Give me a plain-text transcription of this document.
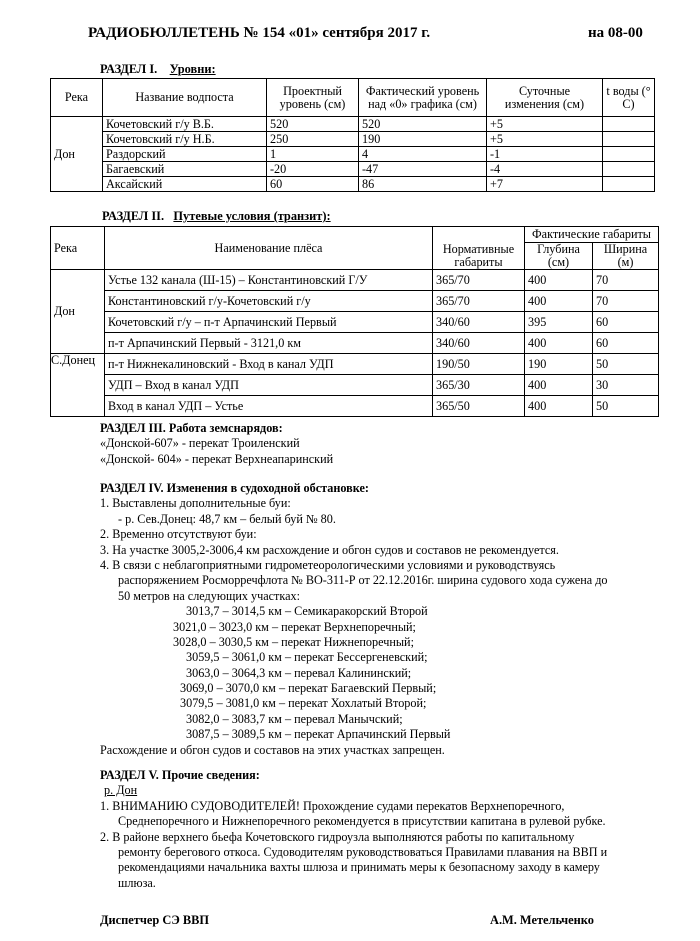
РАДИОБЮЛЛЕТЕНЬ № 154 «01» сентября 2017 г.	на 08-00
РАЗДЕЛ I. Уровни:
Река	Название водпоста	Проектный уровень (см)	Фактический уровень над «0» графика (см)	Суточные изменения (см)	t воды (° С)
Дон	Кочетовский г/у В.Б.	520	520	+5	
	Кочетовский г/у Н.Б.	250	190	+5	
	Раздорский	1	4	-1	
	Багаевский	-20	-47	-4	
	Аксайский	60	86	+7	
РАЗДЕЛ II. Путевые условия (транзит):
Река	Наименование плёса	Нормативные габариты	Фактические габариты	
			Глубина (см)	Ширина (м)
Дон	Устье 132 канала (Ш-15) – Константиновский Г/У	365/70	400	70
	Константиновский г/у-Кочетовский г/у	365/70	400	70
	Кочетовский г/у – п-т Арпачинский Первый	340/60	395	60
	п-т Арпачинский Первый - 3121,0 км	340/60	400	60
С.Донец	п-т Нижнекалиновский - Вход в канал УДП	190/50	190	50
	УДП – Вход в канал УДП	365/30	400	30
	Вход в канал УДП – Устье	365/50	400	50
РАЗДЕЛ III. Работа земснарядов:
«Донской-607» - перекат Троиленский
«Донской- 604» - перекат Верхнеапаринский
РАЗДЕЛ IV. Изменения в судоходной обстановке:
1. Выставлены дополнительные буи:
- р. Сев.Донец: 48,7 км – белый буй № 80.
2. Временно отсутствуют буи:
3. На участке 3005,2-3006,4 км расхождение и обгон судов и составов не рекомендуется.
4. В связи с неблагоприятными гидрометеорологическими условиями и руководствуясь
распоряжением Росморречфлота № ВО-311-Р от 22.12.2016г. ширина судового хода сужена до
50 метров на следующих участках:
3013,7 – 3014,5 км – Семикаракорский Второй
3021,0 – 3023,0 км – перекат Верхнепоречный;
3028,0 – 3030,5 км – перекат Нижнепоречный;
3059,5 – 3061,0 км – перекат Бессергеневский;
3063,0 – 3064,3 км – перевал Калининский;
3069,0 – 3070,0 км – перекат Багаевский Первый;
3079,5 – 3081,0 км – перекат Хохлатый Второй;
3082,0 – 3083,7 км – перевал Манычский;
3087,5 – 3089,5 км – перекат Арпачинский Первый
Расхождение и обгон судов и составов на этих участках запрещен.
РАЗДЕЛ V. Прочие сведения:
р. Дон
1. ВНИМАНИЮ СУДОВОДИТЕЛЕЙ! Прохождение судами перекатов Верхнепоречного,
Среднепоречного и Нижнепоречного рекомендуется в присутствии капитана в рулевой рубке.
2. В районе верхнего бьефа Кочетовского гидроузла выполняются работы по капитальному
ремонту берегового откоса. Судоводителям руководствоваться Правилами плавания на ВВП и
рекомендациями начальника вахты шлюза и принимать меры к безопасному заходу в камеру
шлюза.
Диспетчер СЭ ВВП	А.М. Метельченко
